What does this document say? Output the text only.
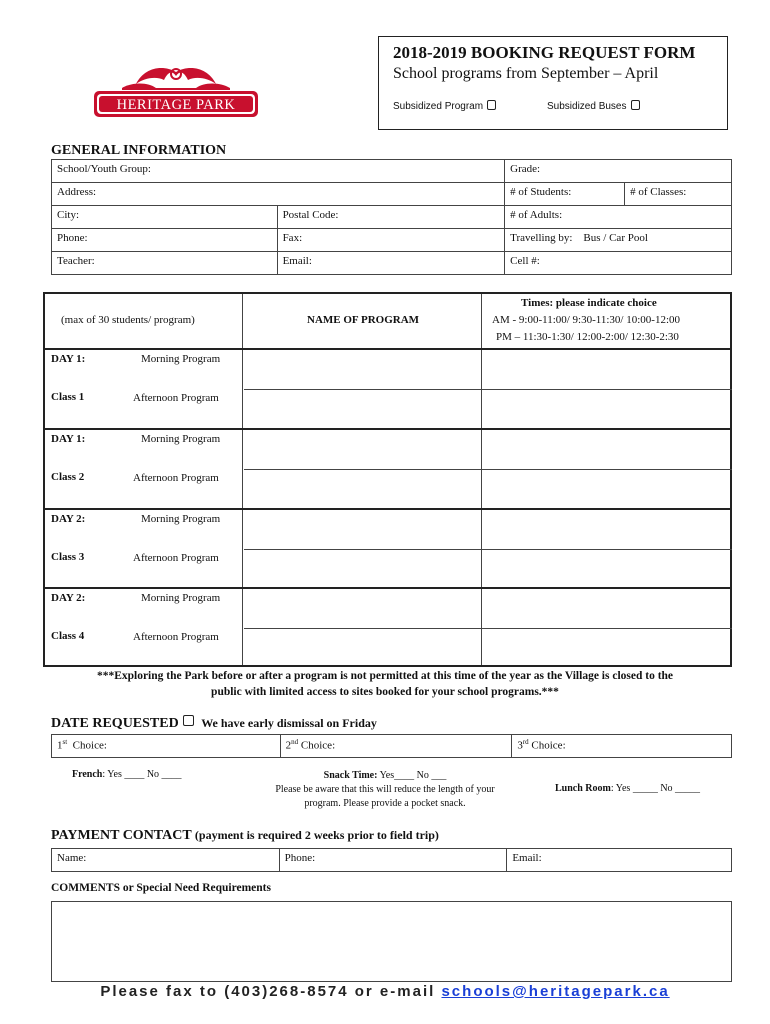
HERITAGE PARK
2018-2019 BOOKING REQUEST FORM
School programs from September – April
Subsidized Program	Subsidized Buses
GENERAL INFORMATION
School/Youth Group:		Grade:	
Address:		# of Students:	# of Classes:
City:	Postal Code:	# of Adults:	
Phone:	Fax:	Travelling by: Bus / Car Pool	
Teacher:	Email:	Cell #:	
(max of 30 students/ program)	NAME OF PROGRAM
Times: please indicate choice
AM - 9:00-11:00/ 9:30-11:30/ 10:00-12:00
PM – 11:30-1:30/ 12:00-2:00/ 12:30-2:30
DAY 1:	Morning Program
Class 1	Afternoon Program
DAY 1:	Morning Program
Class 2	Afternoon Program
DAY 2:	Morning Program
Class 3	Afternoon Program
DAY 2:	Morning Program
Class 4	Afternoon Program
***Exploring the Park before or after a program is not permitted at this time of the year as the Village is closed to the
public with limited access to sites booked for your school programs.***
DATE REQUESTED We have early dismissal on Friday
1st Choice:	2nd Choice:	3rd Choice:
French: Yes ____ No ____	Snack Time: Yes____ No ___
Please be aware that this will reduce the length of your
program. Please provide a pocket snack.
Lunch Room: Yes _____ No _____
PAYMENT CONTACT (payment is required 2 weeks prior to field trip)
Name:	Phone:	Email:
COMMENTS or Special Need Requirements
Please fax to (403)268-8574 or e-mail schools@heritagepark.ca
